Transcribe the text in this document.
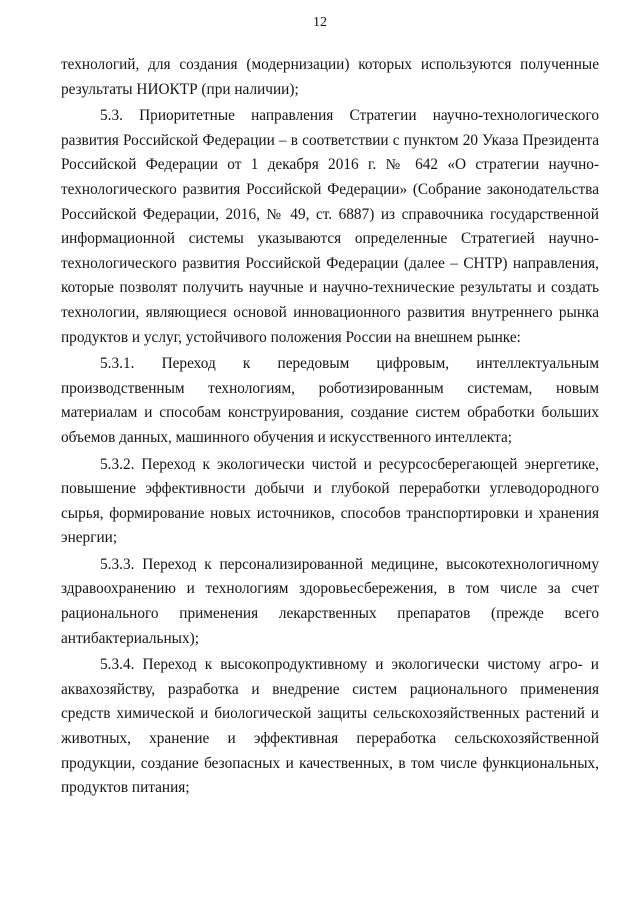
12

технологий, для создания (модернизации) которых используются полученные результаты НИОКТР (при наличии);

5.3. Приоритетные направления Стратегии научно-технологического развития Российской Федерации – в соответствии с пунктом 20 Указа Президента Российской Федерации от 1 декабря 2016 г. № 642 «О стратегии научно-технологического развития Российской Федерации» (Собрание законодательства Российской Федерации, 2016, № 49, ст. 6887) из справочника государственной информационной системы указываются определенные Стратегией научно-технологического развития Российской Федерации (далее – СНТР) направления, которые позволят получить научные и научно-технические результаты и создать технологии, являющиеся основой инновационного развития внутреннего рынка продуктов и услуг, устойчивого положения России на внешнем рынке:

5.3.1. Переход к передовым цифровым, интеллектуальным производственным технологиям, роботизированным системам, новым материалам и способам конструирования, создание систем обработки больших объемов данных, машинного обучения и искусственного интеллекта;

5.3.2. Переход к экологически чистой и ресурсосберегающей энергетике, повышение эффективности добычи и глубокой переработки углеводородного сырья, формирование новых источников, способов транспортировки и хранения энергии;

5.3.3. Переход к персонализированной медицине, высокотехнологичному здравоохранению и технологиям здоровьесбережения, в том числе за счет рационального применения лекарственных препаратов (прежде всего антибактериальных);

5.3.4. Переход к высокопродуктивному и экологически чистому агро- и аквахозяйству, разработка и внедрение систем рационального применения средств химической и биологической защиты сельскохозяйственных растений и животных, хранение и эффективная переработка сельскохозяйственной продукции, создание безопасных и качественных, в том числе функциональных, продуктов питания;
